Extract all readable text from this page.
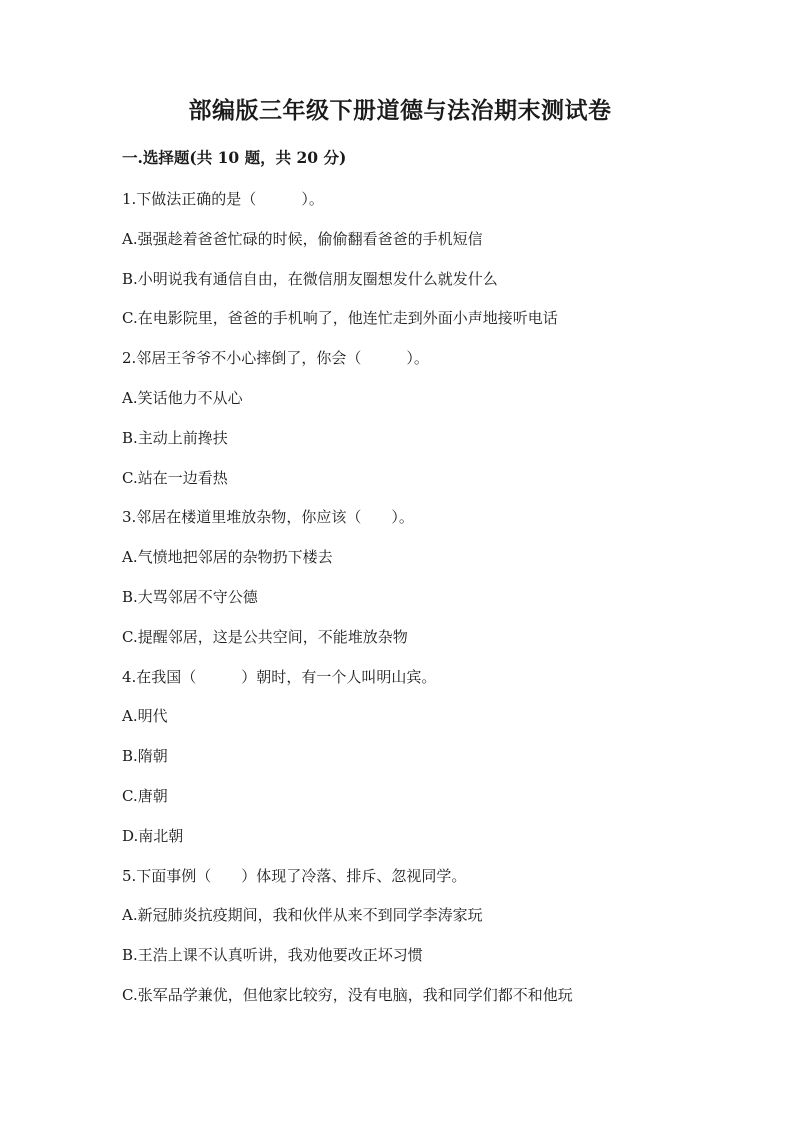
部编版三年级下册道德与法治期末测试卷
一.选择题(共 10 题，共 20 分)
1.下做法正确的是（　　　）。
A.强强趁着爸爸忙碌的时候，偷偷翻看爸爸的手机短信
B.小明说我有通信自由，在微信朋友圈想发什么就发什么
C.在电影院里，爸爸的手机响了，他连忙走到外面小声地接听电话
2.邻居王爷爷不小心摔倒了，你会（　　　）。
A.笑话他力不从心
B.主动上前搀扶
C.站在一边看热
3.邻居在楼道里堆放杂物，你应该（　　）。
A.气愤地把邻居的杂物扔下楼去
B.大骂邻居不守公德
C.提醒邻居，这是公共空间，不能堆放杂物
4.在我国（　　　）朝时，有一个人叫明山宾。
A.明代
B.隋朝
C.唐朝
D.南北朝
5.下面事例（　　）体现了冷落、排斥、忽视同学。
A.新冠肺炎抗疫期间，我和伙伴从来不到同学李涛家玩
B.王浩上课不认真听讲，我劝他要改正坏习惯
C.张军品学兼优，但他家比较穷，没有电脑，我和同学们都不和他玩
